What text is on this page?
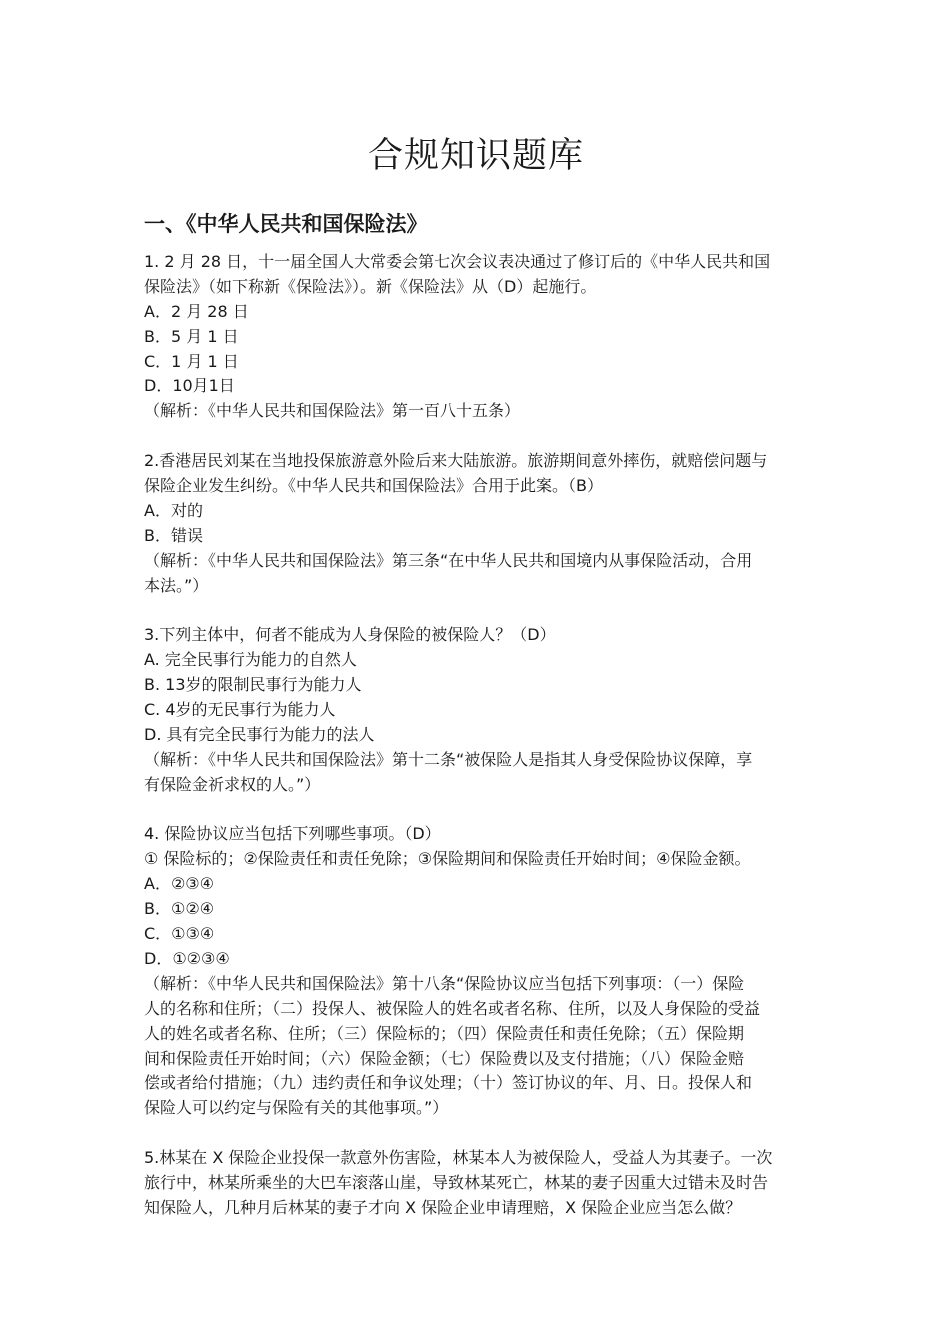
合规知识题库
一、《中华人民共和国保险法》
1. 2 月 28 日，十一届全国人大常委会第七次会议表决通过了修订后的《中华人民共和国
保险法》（如下称新《保险法》）。新《保险法》从（D）起施行。
A．2 月 28 日
B．5 月 1 日
C．1 月 1 日
D．10月1日
（解析：《中华人民共和国保险法》第一百八十五条）
2.香港居民刘某在当地投保旅游意外险后来大陆旅游。旅游期间意外摔伤，就赔偿问题与
保险企业发生纠纷。《中华人民共和国保险法》合用于此案。（B）
A．对的
B．错误
（解析：《中华人民共和国保险法》第三条“在中华人民共和国境内从事保险活动，合用
本法。”）
3.下列主体中，何者不能成为人身保险的被保险人？（D）
A. 完全民事行为能力的自然人
B. 13岁的限制民事行为能力人
C. 4岁的无民事行为能力人
D. 具有完全民事行为能力的法人
（解析：《中华人民共和国保险法》第十二条“被保险人是指其人身受保险协议保障，享
有保险金祈求权的人。”）
4. 保险协议应当包括下列哪些事项。（D）
① 保险标的；②保险责任和责任免除；③保险期间和保险责任开始时间；④保险金额。
A．②③④
B．①②④
C．①③④
D．①②③④
（解析：《中华人民共和国保险法》第十八条“保险协议应当包括下列事项：（一）保险
人的名称和住所；（二）投保人、被保险人的姓名或者名称、住所，以及人身保险的受益
人的姓名或者名称、住所；（三）保险标的；（四）保险责任和责任免除；（五）保险期
间和保险责任开始时间；（六）保险金额；（七）保险费以及支付措施；（八）保险金赔
偿或者给付措施；（九）违约责任和争议处理；（十）签订协议的年、月、日。投保人和
保险人可以约定与保险有关的其他事项。”）
5.林某在 X 保险企业投保一款意外伤害险，林某本人为被保险人，受益人为其妻子。一次
旅行中，林某所乘坐的大巴车滚落山崖，导致林某死亡，林某的妻子因重大过错未及时告
知保险人，几种月后林某的妻子才向 X 保险企业申请理赔，X 保险企业应当怎么做？
